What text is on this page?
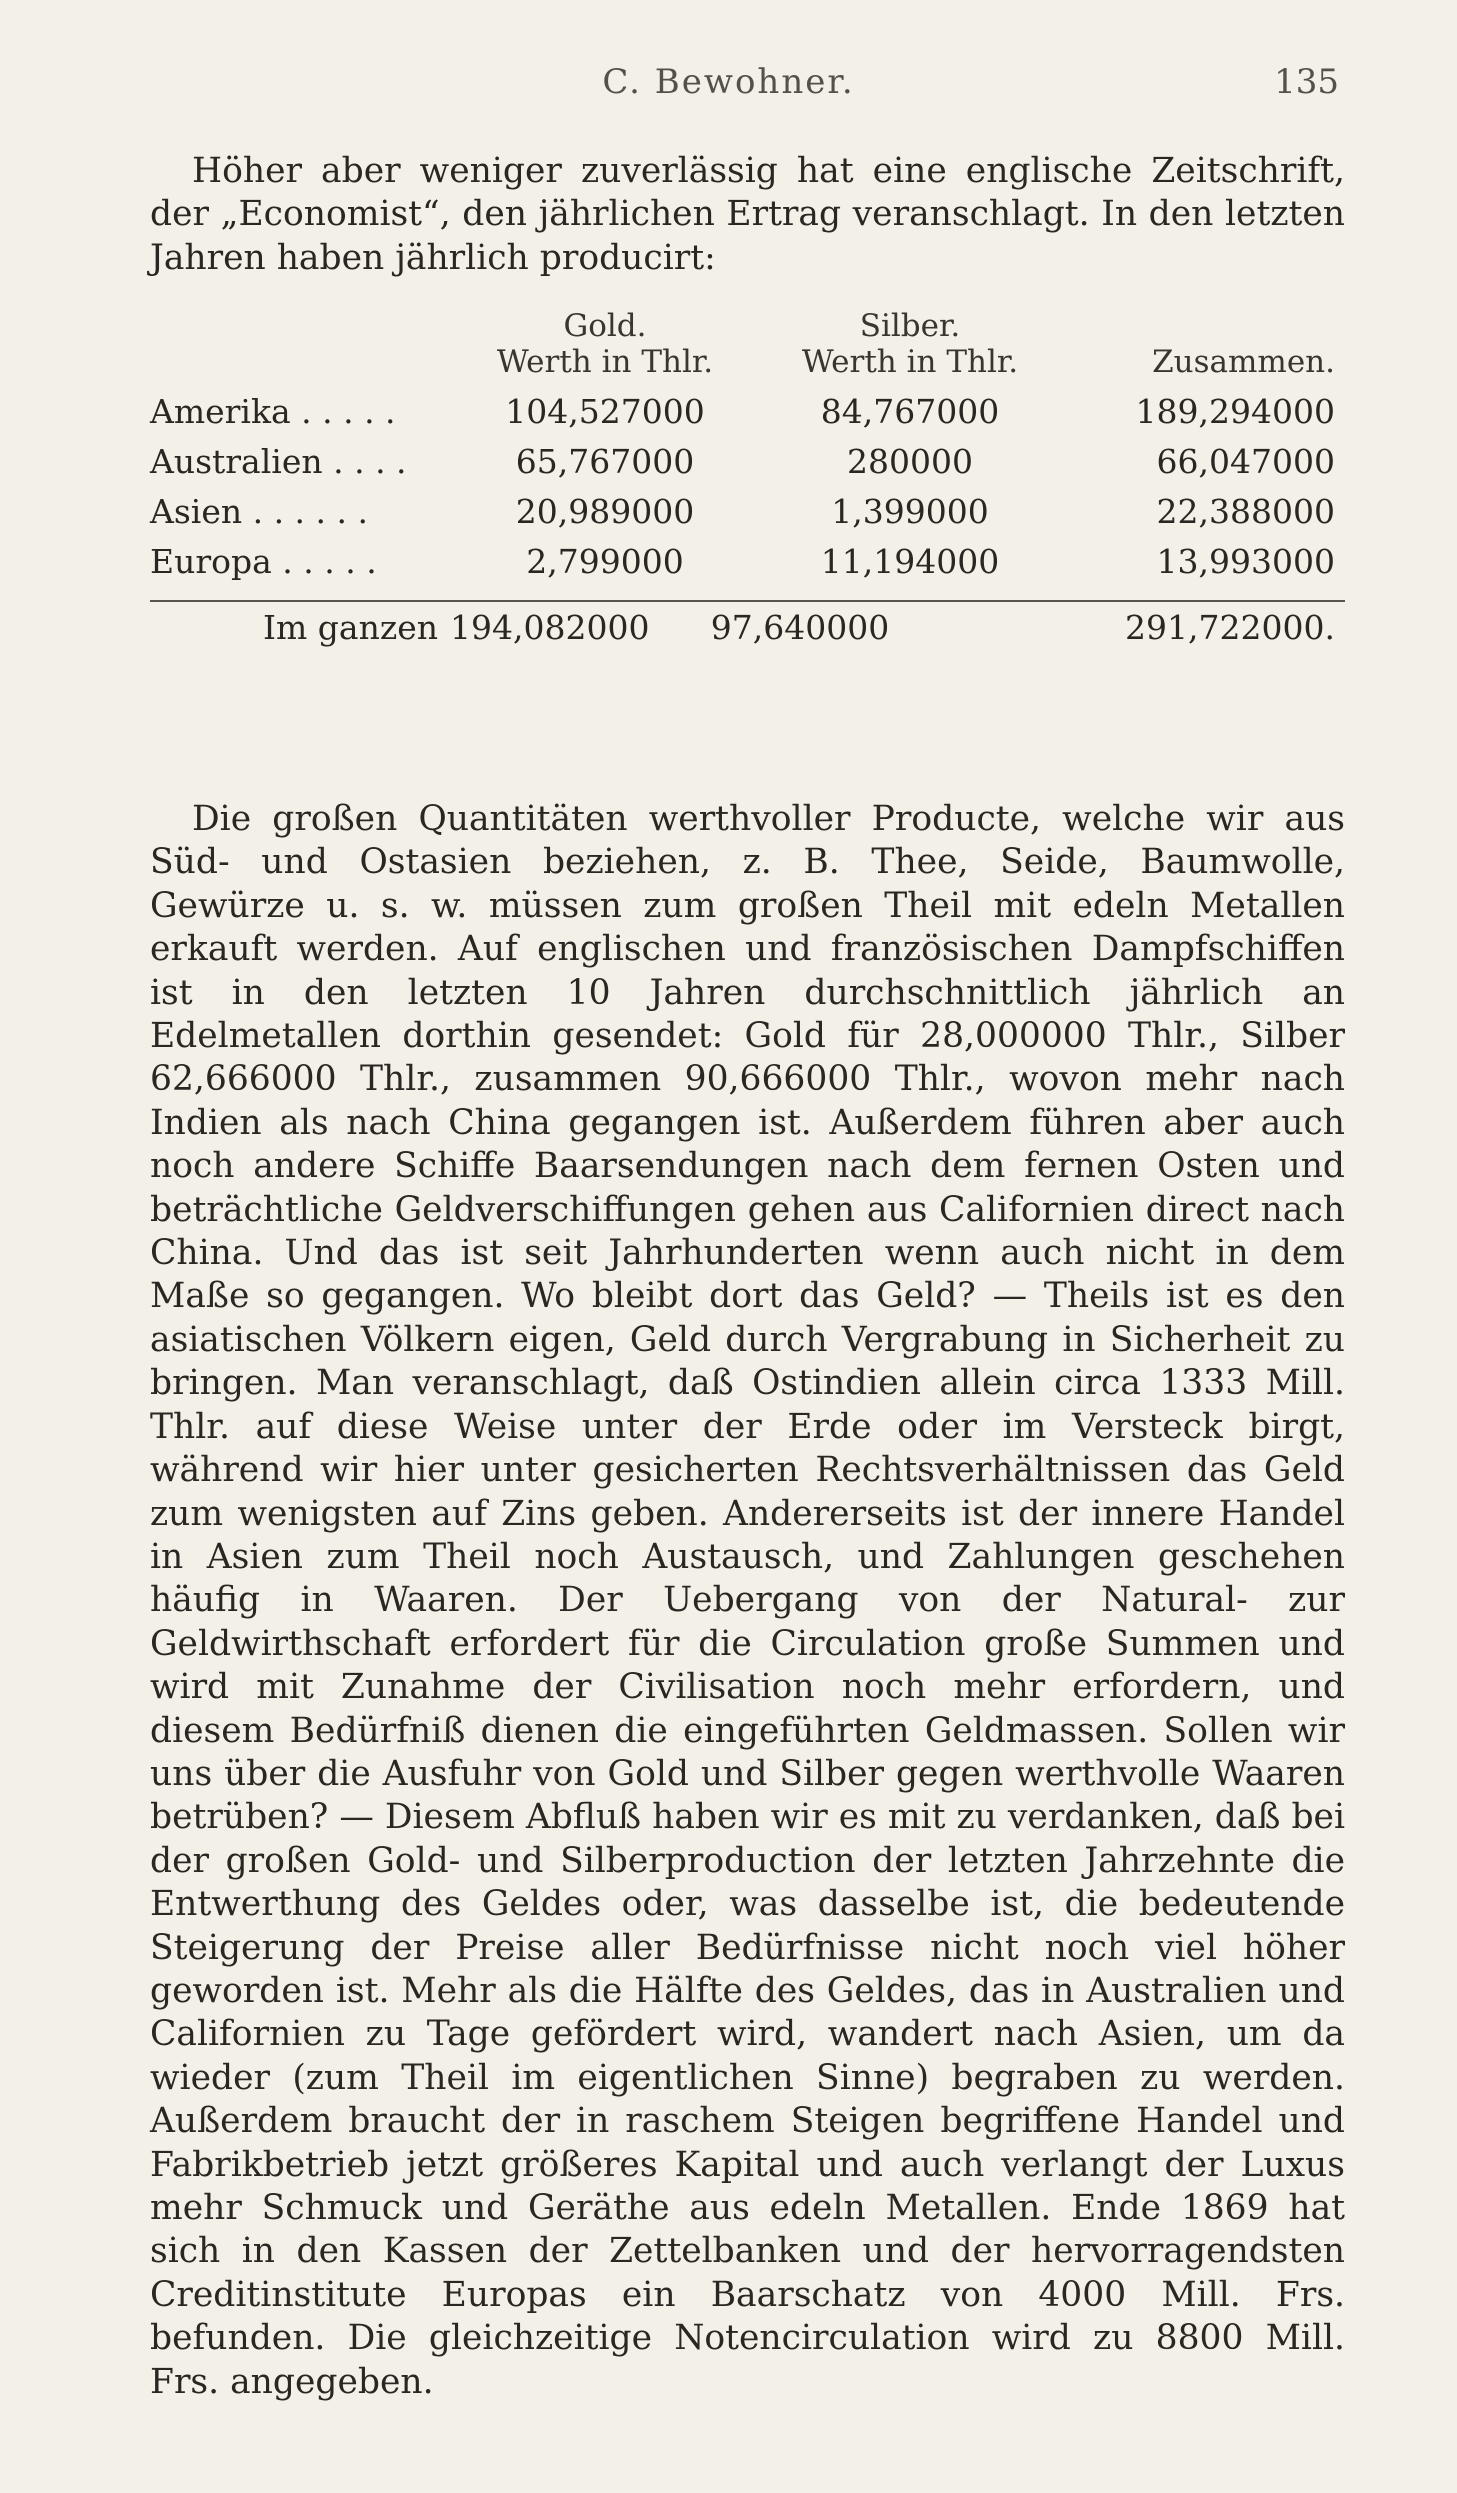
C. Bewohner.	135

Höher aber weniger zuverlässig hat eine englische Zeitschrift, der „Economist“, den jährlichen Ertrag veranschlagt. In den letzten Jahren haben jährlich producirt:

	Gold.	Silber.	
	Werth in Thlr.	Werth in Thlr.	Zusammen.

Amerika . . . . .	104,527000	84,767000	189,294000
Australien . . . .	65,767000	280000	66,047000
Asien . . . . . .	20,989000	1,399000	22,388000
Europa . . . . .	2,799000	11,194000	13,993000
Im ganzen 194,082000	97,640000	291,722000.

Die großen Quantitäten werthvoller Producte, welche wir aus Süd- und Ostasien beziehen, z. B. Thee, Seide, Baumwolle, Gewürze u. s. w. müssen zum großen Theil mit edeln Metallen erkauft werden. Auf englischen und französischen Dampfschiffen ist in den letzten 10 Jahren durchschnittlich jährlich an Edelmetallen dorthin gesendet: Gold für 28,000000 Thlr., Silber 62,666000 Thlr., zusammen 90,666000 Thlr., wovon mehr nach Indien als nach China gegangen ist. Außerdem führen aber auch noch andere Schiffe Baarsendungen nach dem fernen Osten und beträchtliche Geldverschiffungen gehen aus Californien direct nach China. Und das ist seit Jahrhunderten wenn auch nicht in dem Maße so gegangen. Wo bleibt dort das Geld? — Theils ist es den asiatischen Völkern eigen, Geld durch Vergrabung in Sicherheit zu bringen. Man veranschlagt, daß Ostindien allein circa 1333 Mill. Thlr. auf diese Weise unter der Erde oder im Versteck birgt, während wir hier unter gesicherten Rechtsverhältnissen das Geld zum wenigsten auf Zins geben. Andererseits ist der innere Handel in Asien zum Theil noch Austausch, und Zahlungen geschehen häufig in Waaren. Der Uebergang von der Natural- zur Geldwirthschaft erfordert für die Circulation große Summen und wird mit Zunahme der Civilisation noch mehr erfordern, und diesem Bedürfniß dienen die eingeführten Geldmassen. Sollen wir uns über die Ausfuhr von Gold und Silber gegen werthvolle Waaren betrüben? — Diesem Abfluß haben wir es mit zu verdanken, daß bei der großen Gold- und Silberproduction der letzten Jahrzehnte die Entwerthung des Geldes oder, was dasselbe ist, die bedeutende Steigerung der Preise aller Bedürfnisse nicht noch viel höher geworden ist. Mehr als die Hälfte des Geldes, das in Australien und Californien zu Tage gefördert wird, wandert nach Asien, um da wieder (zum Theil im eigentlichen Sinne) begraben zu werden. Außerdem braucht der in raschem Steigen begriffene Handel und Fabrikbetrieb jetzt größeres Kapital und auch verlangt der Luxus mehr Schmuck und Geräthe aus edeln Metallen. Ende 1869 hat sich in den Kassen der Zettelbanken und der hervorragendsten Creditinstitute Europas ein Baarschatz von 4000 Mill. Frs. befunden. Die gleichzeitige Notencirculation wird zu 8800 Mill. Frs. angegeben.
